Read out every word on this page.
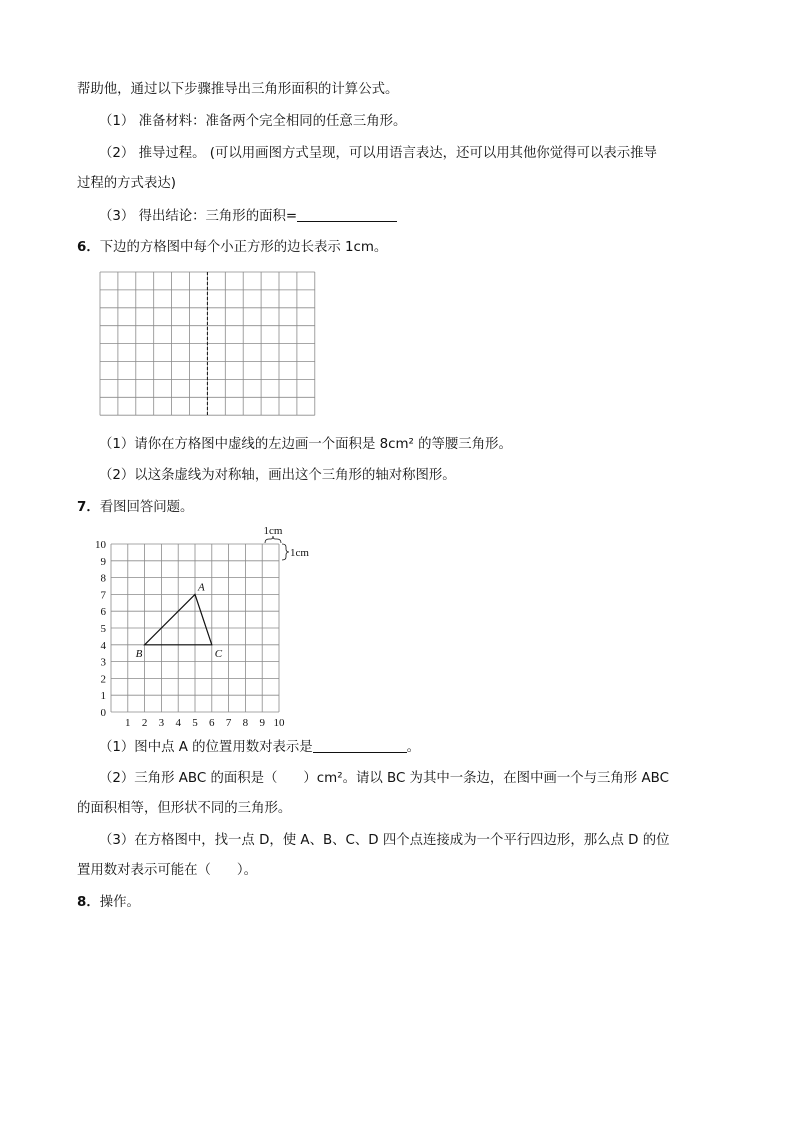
帮助他，通过以下步骤推导出三角形面积的计算公式。
（1） 准备材料：准备两个完全相同的任意三角形。
（2） 推导过程。 (可以用画图方式呈现，可以用语言表达，还可以用其他你觉得可以表示推导
过程的方式表达)
（3） 得出结论：三角形的面积=
6．下边的方格图中每个小正方形的边长表示 1cm。
（1）请你在方格图中虚线的左边画一个面积是 8cm² 的等腰三角形。
（2）以这条虚线为对称轴，画出这个三角形的轴对称图形。
7．看图回答问题。
10
9
8
7
6
5
4
3
2
1
0
1 2 3 4 5 6 7 8 9 10
A
B	C
1cm
1cm
（1）图中点 A 的位置用数对表示是	。
（2）三角形 ABC 的面积是（ ）cm²。请以 BC 为其中一条边，在图中画一个与三角形 ABC
的面积相等，但形状不同的三角形。
（3）在方格图中，找一点 D，使 A、B、C、D 四个点连接成为一个平行四边形，那么点 D 的位
置用数对表示可能在（ ）。
8．操作。
